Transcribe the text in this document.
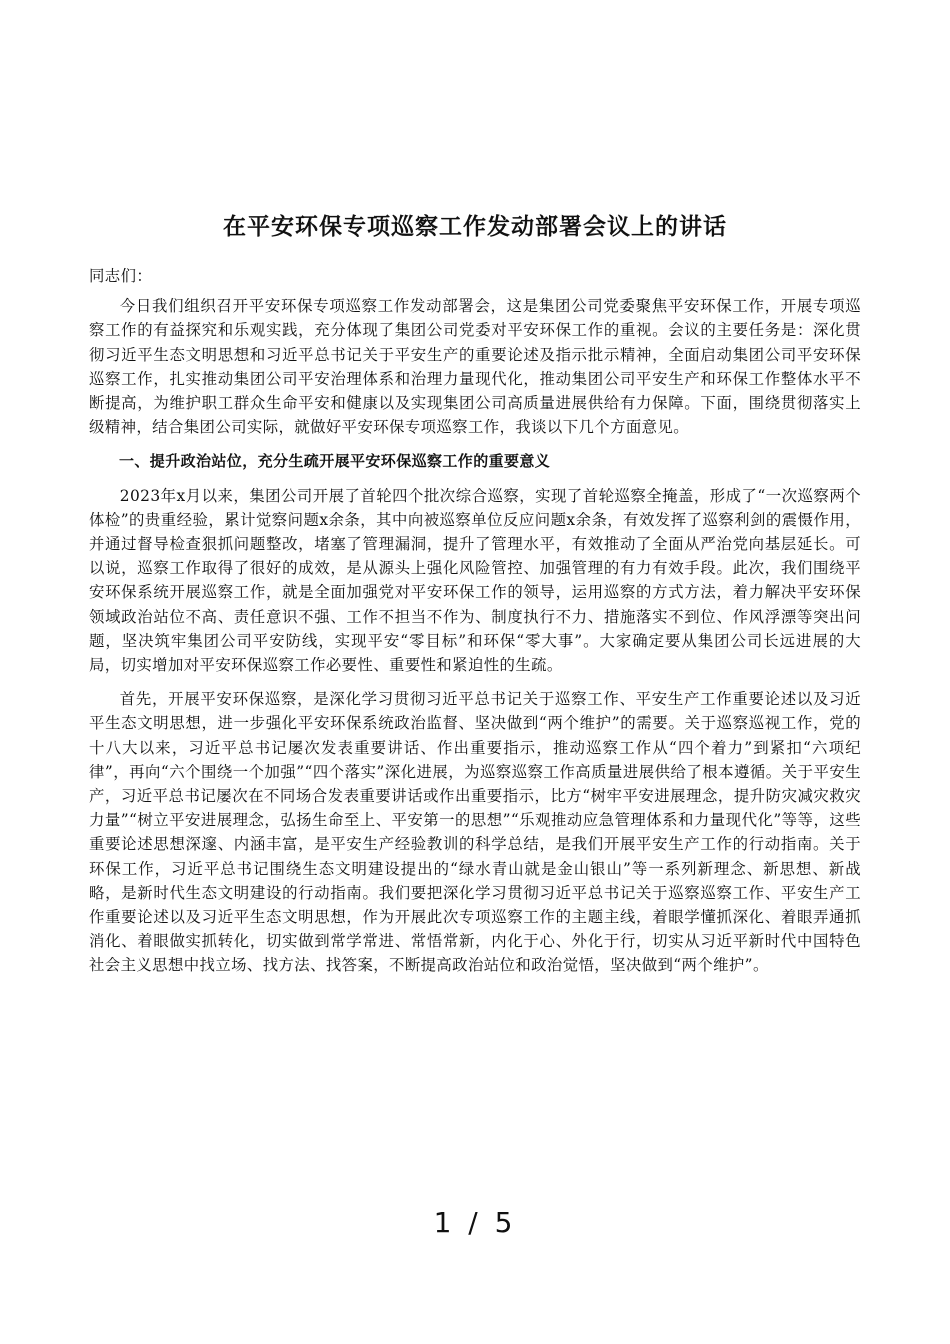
在平安环保专项巡察工作发动部署会议上的讲话

同志们：

今日我们组织召开平安环保专项巡察工作发动部署会，这是集团公司党委聚焦平安环保工作，开展专项巡察工作的有益探究和乐观实践，充分体现了集团公司党委对平安环保工作的重视。会议的主要任务是：深化贯彻习近平生态文明思想和习近平总书记关于平安生产的重要论述及指示批示精神，全面启动集团公司平安环保巡察工作，扎实推动集团公司平安治理体系和治理力量现代化，推动集团公司平安生产和环保工作整体水平不断提高，为维护职工群众生命平安和健康以及实现集团公司高质量进展供给有力保障。下面，围绕贯彻落实上级精神，结合集团公司实际，就做好平安环保专项巡察工作，我谈以下几个方面意见。

一、提升政治站位，充分生疏开展平安环保巡察工作的重要意义

2023年x月以来，集团公司开展了首轮四个批次综合巡察，实现了首轮巡察全掩盖，形成了“一次巡察两个体检”的贵重经验，累计觉察问题x余条，其中向被巡察单位反应问题x余条，有效发挥了巡察利剑的震慑作用，并通过督导检查狠抓问题整改，堵塞了管理漏洞，提升了管理水平，有效推动了全面从严治党向基层延长。可以说，巡察工作取得了很好的成效，是从源头上强化风险管控、加强管理的有力有效手段。此次，我们围绕平安环保系统开展巡察工作，就是全面加强党对平安环保工作的领导，运用巡察的方式方法，着力解决平安环保领域政治站位不高、责任意识不强、工作不担当不作为、制度执行不力、措施落实不到位、作风浮漂等突出问题，坚决筑牢集团公司平安防线，实现平安“零目标”和环保“零大事”。大家确定要从集团公司长远进展的大局，切实增加对平安环保巡察工作必要性、重要性和紧迫性的生疏。

首先，开展平安环保巡察，是深化学习贯彻习近平总书记关于巡察工作、平安生产工作重要论述以及习近平生态文明思想，进一步强化平安环保系统政治监督、坚决做到“两个维护”的需要。关于巡察巡视工作，党的十八大以来，习近平总书记屡次发表重要讲话、作出重要指示，推动巡察工作从“四个着力”到紧扣“六项纪律”，再向“六个围绕一个加强”“四个落实”深化进展，为巡察巡察工作高质量进展供给了根本遵循。关于平安生产，习近平总书记屡次在不同场合发表重要讲话或作出重要指示，比方“树牢平安进展理念，提升防灾减灾救灾力量”“树立平安进展理念，弘扬生命至上、平安第一的思想”“乐观推动应急管理体系和力量现代化”等等，这些重要论述思想深邃、内涵丰富，是平安生产经验教训的科学总结，是我们开展平安生产工作的行动指南。关于环保工作，习近平总书记围绕生态文明建设提出的“绿水青山就是金山银山”等一系列新理念、新思想、新战略，是新时代生态文明建设的行动指南。我们要把深化学习贯彻习近平总书记关于巡察巡察工作、平安生产工作重要论述以及习近平生态文明思想，作为开展此次专项巡察工作的主题主线，着眼学懂抓深化、着眼弄通抓消化、着眼做实抓转化，切实做到常学常进、常悟常新，内化于心、外化于行，切实从习近平新时代中国特色社会主义思想中找立场、找方法、找答案，不断提高政治站位和政治觉悟，坚决做到“两个维护”。

1 / 5
